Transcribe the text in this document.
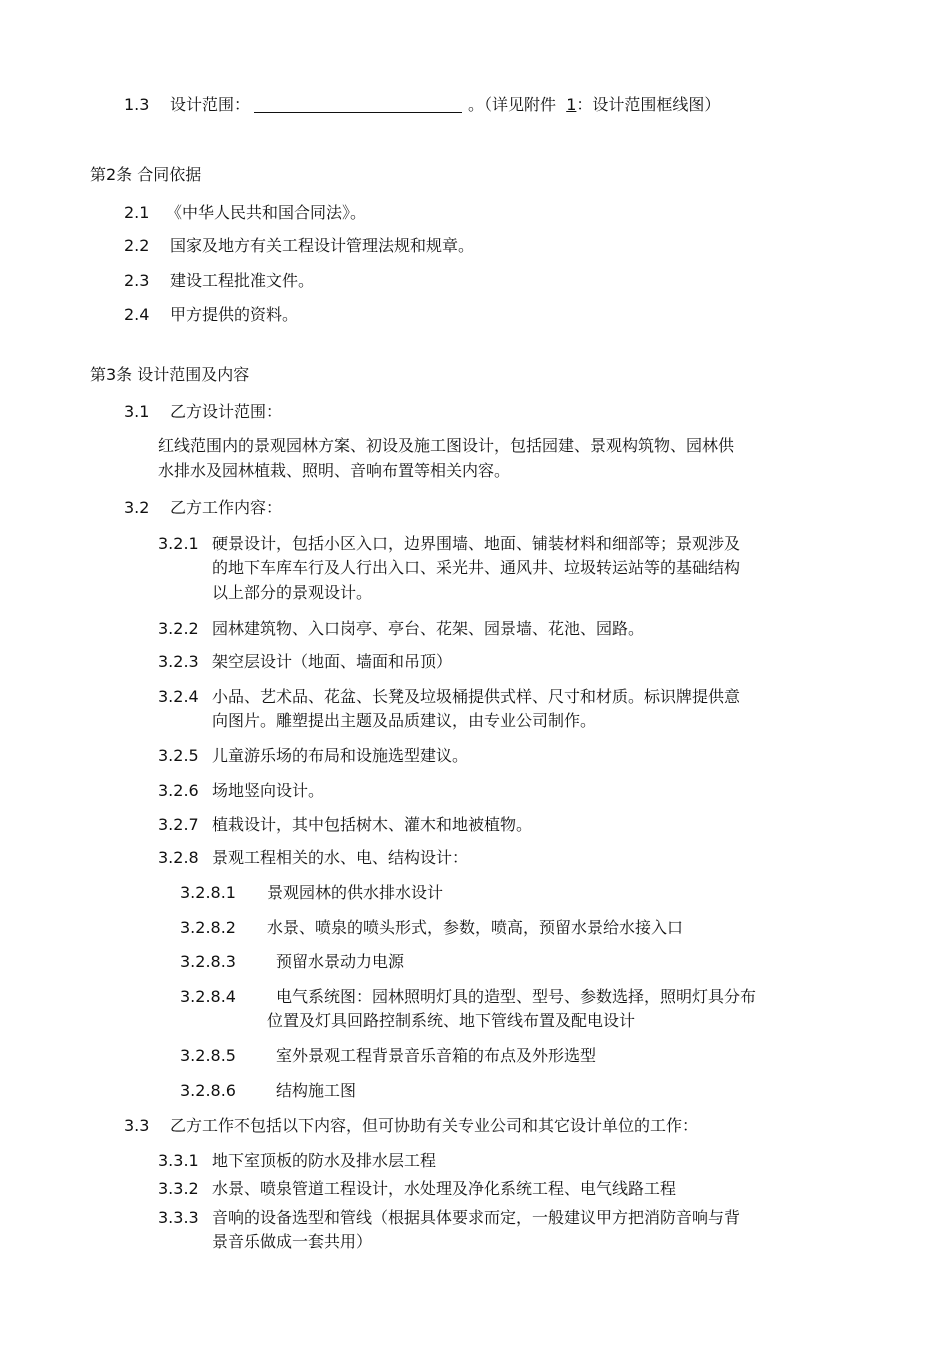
1.3 设计范围：	。（详见附件 1：设计范围框线图）
第2条 合同依据
2.1 《中华人民共和国合同法》。
2.2 国家及地方有关工程设计管理法规和规章。
2.3 建设工程批准文件。
2.4 甲方提供的资料。
第3条 设计范围及内容
3.1 乙方设计范围：
红线范围内的景观园林方案、初设及施工图设计，包括园建、景观构筑物、园林供
水排水及园林植栽、照明、音响布置等相关内容。
3.2 乙方工作内容：
3.2.1 硬景设计，包括小区入口，边界围墙、地面、铺装材料和细部等；景观涉及
的地下车库车行及人行出入口、采光井、通风井、垃圾转运站等的基础结构
以上部分的景观设计。
3.2.2 园林建筑物、入口岗亭、亭台、花架、园景墙、花池、园路。
3.2.3 架空层设计（地面、墙面和吊顶）
3.2.4 小品、艺术品、花盆、长凳及垃圾桶提供式样、尺寸和材质。标识牌提供意
向图片。雕塑提出主题及品质建议，由专业公司制作。
3.2.5 儿童游乐场的布局和设施选型建议。
3.2.6 场地竖向设计。
3.2.7 植栽设计，其中包括树木、灌木和地被植物。
3.2.8 景观工程相关的水、电、结构设计：
3.2.8.1 景观园林的供水排水设计
3.2.8.2 水景、喷泉的喷头形式，参数，喷高，预留水景给水接入口
3.2.8.3	预留水景动力电源
3.2.8.4	电气系统图：园林照明灯具的造型、型号、参数选择，照明灯具分布
位置及灯具回路控制系统、地下管线布置及配电设计
3.2.8.5	室外景观工程背景音乐音箱的布点及外形选型
3.2.8.6	结构施工图
3.3 乙方工作不包括以下内容，但可协助有关专业公司和其它设计单位的工作：
3.3.1 地下室顶板的防水及排水层工程
3.3.2 水景、喷泉管道工程设计，水处理及净化系统工程、电气线路工程
3.3.3 音响的设备选型和管线（根据具体要求而定，一般建议甲方把消防音响与背
景音乐做成一套共用）
